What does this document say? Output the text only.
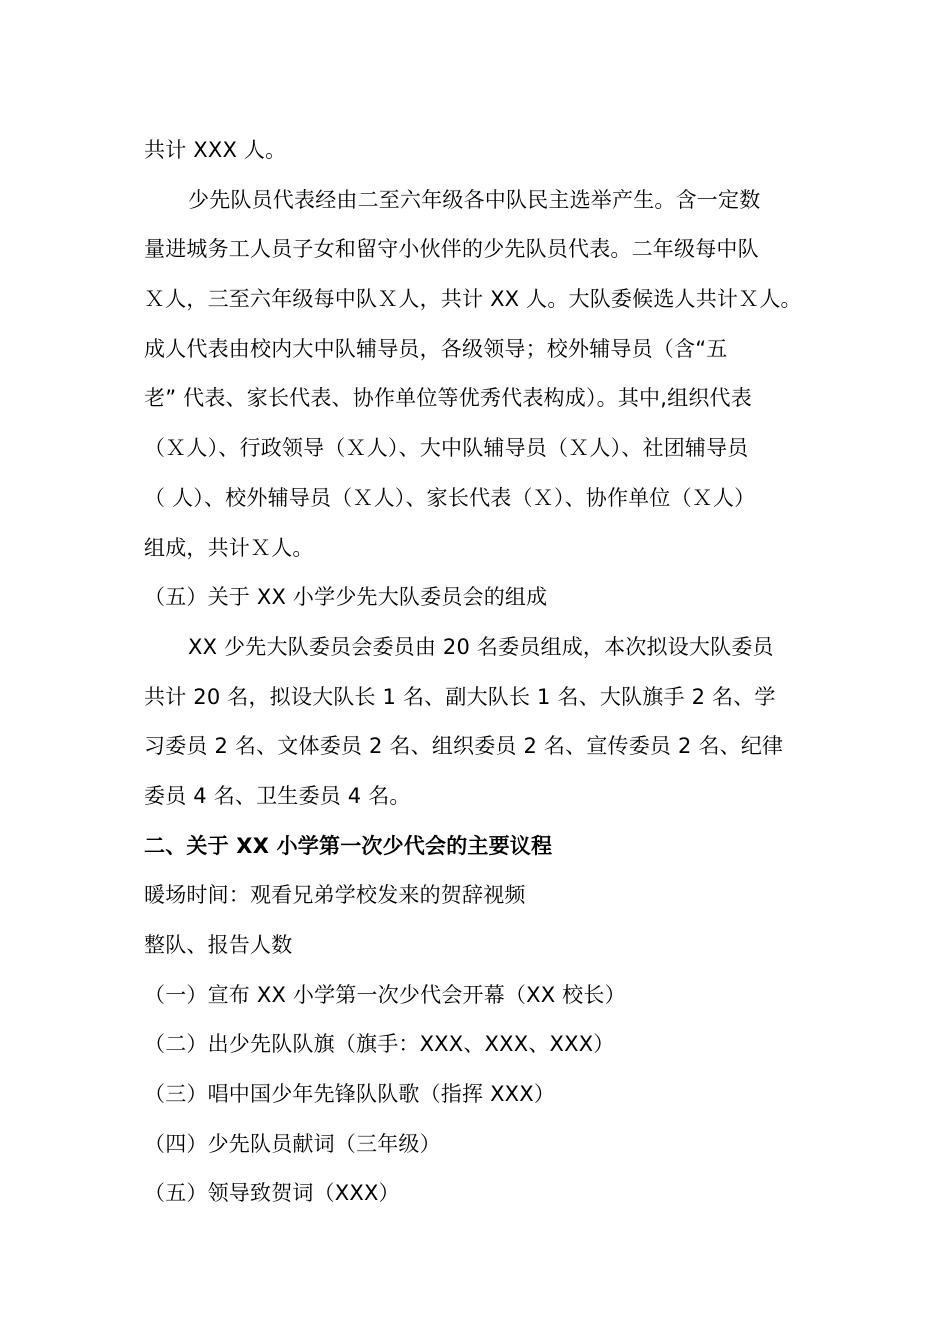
共计 XXX 人。
少先队员代表经由二至六年级各中队民主选举产生。含一定数
量进城务工人员子女和留守小伙伴的少先队员代表。二年级每中队
Ｘ人，三至六年级每中队Ｘ人，共计 XX 人。大队委候选人共计Ｘ人。
成人代表由校内大中队辅导员，各级领导；校外辅导员（含“五
老” 代表、家长代表、协作单位等优秀代表构成）。其中,组织代表
（Ｘ人）、行政领导（Ｘ人）、大中队辅导员（Ｘ人）、社团辅导员
（ 人）、校外辅导员（Ｘ人）、家长代表（Ｘ）、协作单位（Ｘ人）
组成，共计Ｘ人。
（五）关于 XX 小学少先大队委员会的组成
XX 少先大队委员会委员由 20 名委员组成，本次拟设大队委员
共计 20 名，拟设大队长 1 名、副大队长 1 名、大队旗手 2 名、学
习委员 2 名、文体委员 2 名、组织委员 2 名、宣传委员 2 名、纪律
委员 4 名、卫生委员 4 名。
二、关于 XX 小学第一次少代会的主要议程
暖场时间：观看兄弟学校发来的贺辞视频
整队、报告人数
（一）宣布 XX 小学第一次少代会开幕（XX 校长）
（二）出少先队队旗（旗手：XXX、XXX、XXX）
（三）唱中国少年先锋队队歌（指挥 XXX）
（四）少先队员献词（三年级）
（五）领导致贺词（XXX）
